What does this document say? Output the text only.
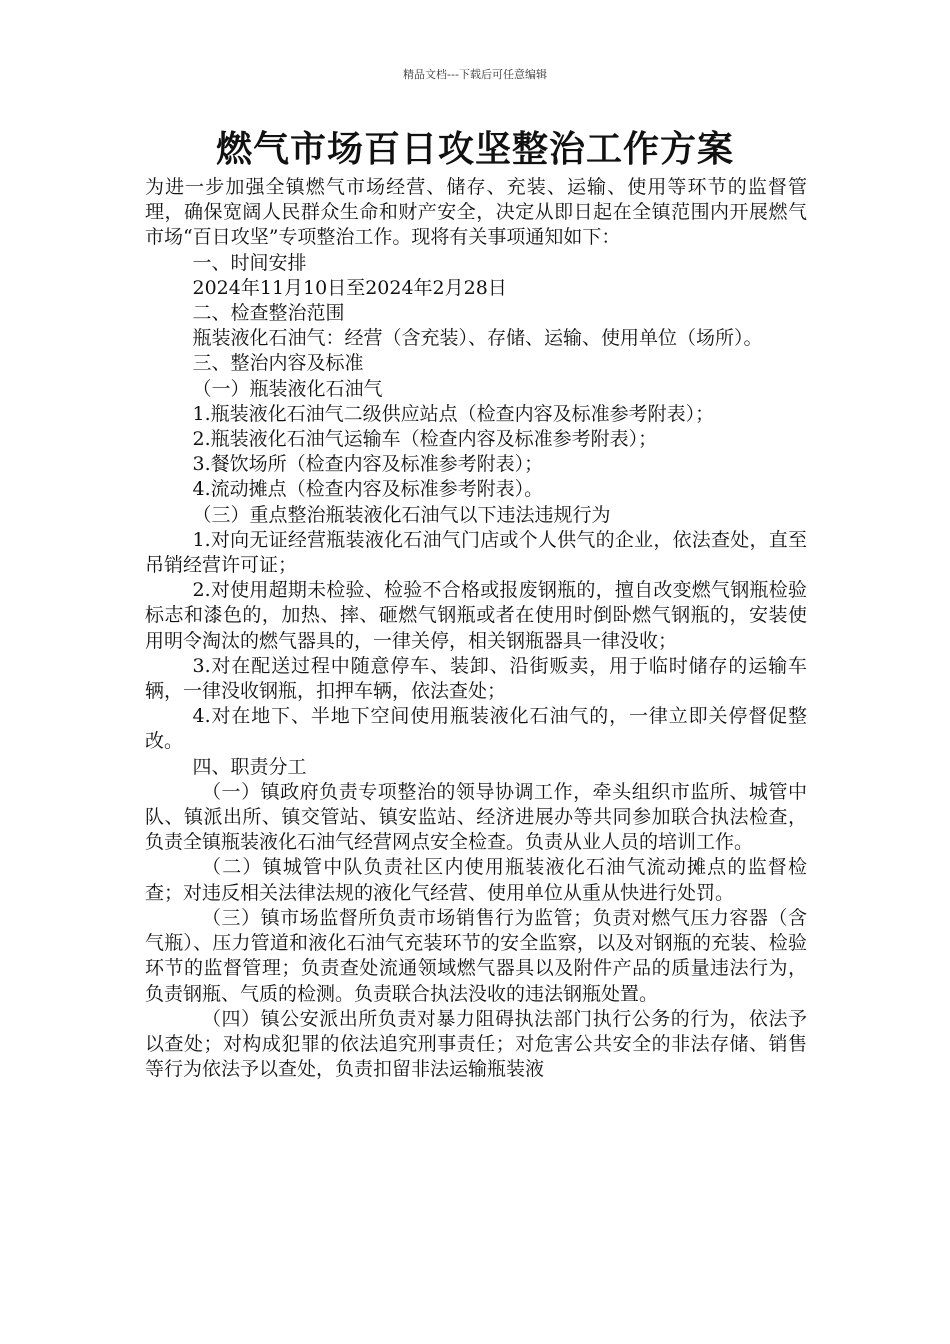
精品文档---下载后可任意编辑
燃气市场百日攻坚整治工作方案

为进一步加强全镇燃气市场经营、储存、充装、运输、使用等环节的监督管理，确保宽阔人民群众生命和财产安全，决定从即日起在全镇范围内开展燃气市场“百日攻坚”专项整治工作。现将有关事项通知如下：

一、时间安排

2024年11月10日至2024年2月28日

二、检查整治范围

瓶装液化石油气：经营（含充装）、存储、运输、使用单位（场所）。

三、整治内容及标准

（一）瓶装液化石油气

1.瓶装液化石油气二级供应站点（检查内容及标准参考附表）；

2.瓶装液化石油气运输车（检查内容及标准参考附表）；

3.餐饮场所（检查内容及标准参考附表）；

4.流动摊点（检查内容及标准参考附表）。

（三）重点整治瓶装液化石油气以下违法违规行为

1.对向无证经营瓶装液化石油气门店或个人供气的企业，依法查处，直至吊销经营许可证；

2.对使用超期未检验、检验不合格或报废钢瓶的，擅自改变燃气钢瓶检验标志和漆色的，加热、摔、砸燃气钢瓶或者在使用时倒卧燃气钢瓶的，安装使用明令淘汰的燃气器具的，一律关停，相关钢瓶器具一律没收；

3.对在配送过程中随意停车、装卸、沿街贩卖，用于临时储存的运输车辆，一律没收钢瓶，扣押车辆，依法查处；

4.对在地下、半地下空间使用瓶装液化石油气的，一律立即关停督促整改。

四、职责分工

（一）镇政府负责专项整治的领导协调工作，牵头组织市监所、城管中队、镇派出所、镇交管站、镇安监站、经济进展办等共同参加联合执法检查，负责全镇瓶装液化石油气经营网点安全检查。负责从业人员的培训工作。

（二）镇城管中队负责社区内使用瓶装液化石油气流动摊点的监督检查；对违反相关法律法规的液化气经营、使用单位从重从快进行处罚。

（三）镇市场监督所负责市场销售行为监管；负责对燃气压力容器（含气瓶）、压力管道和液化石油气充装环节的安全监察，以及对钢瓶的充装、检验环节的监督管理；负责查处流通领域燃气器具以及附件产品的质量违法行为，负责钢瓶、气质的检测。负责联合执法没收的违法钢瓶处置。

（四）镇公安派出所负责对暴力阻碍执法部门执行公务的行为，依法予以查处；对构成犯罪的依法追究刑事责任；对危害公共安全的非法存储、销售等行为依法予以查处，负责扣留非法运输瓶装液
